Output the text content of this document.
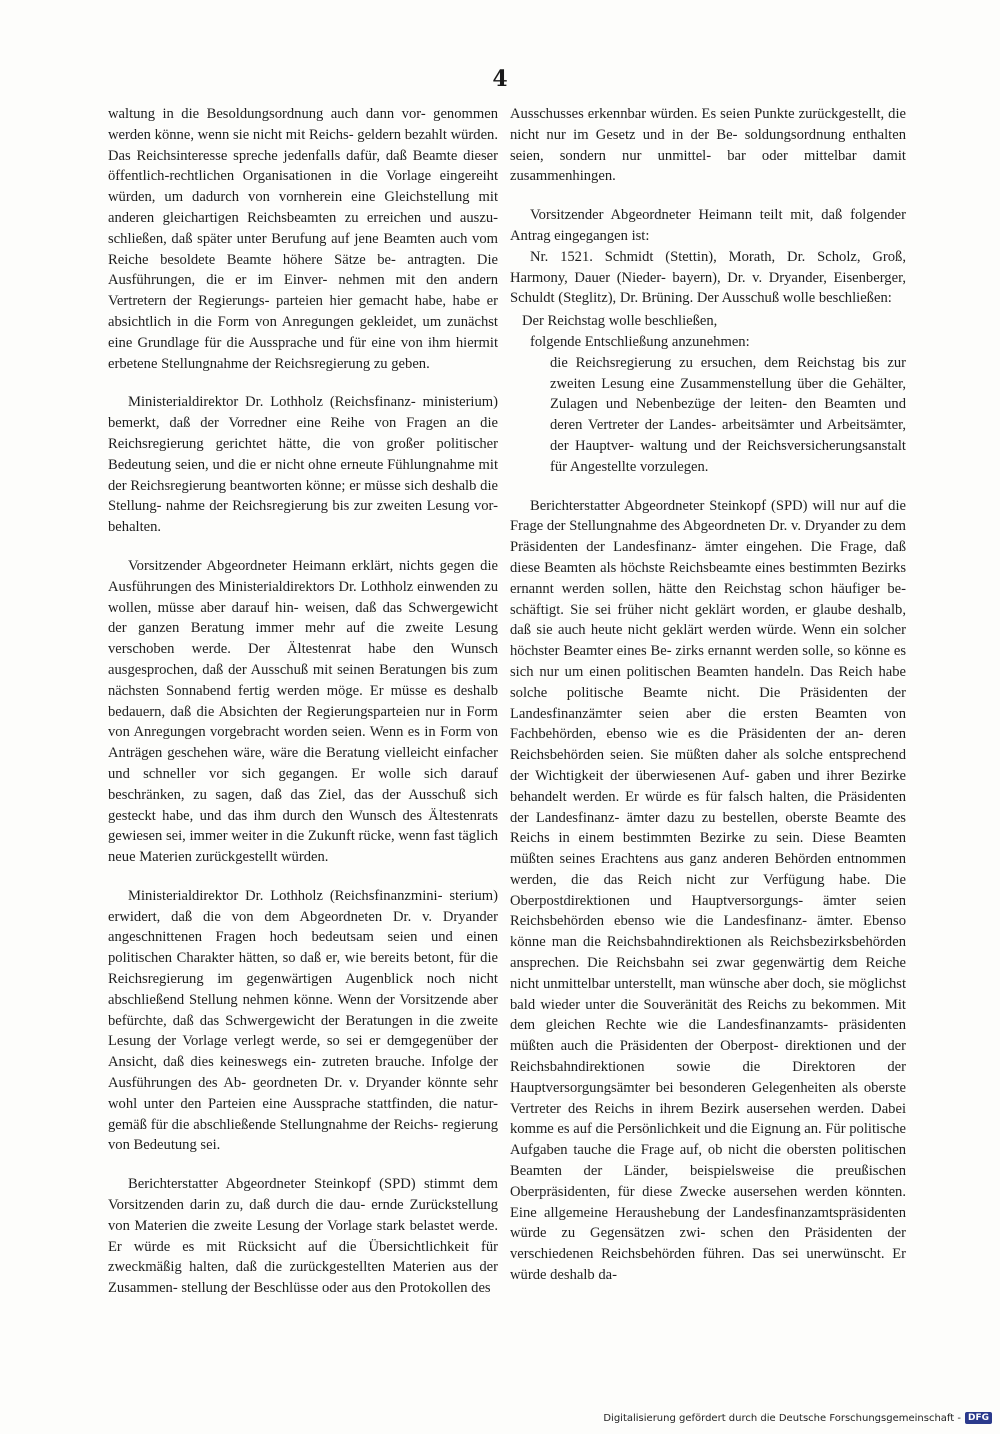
4

waltung in die Besoldungsordnung auch dann vor- genommen werden könne, wenn sie nicht mit Reichs- geldern bezahlt würden. Das Reichsinteresse spreche jedenfalls dafür, daß Beamte dieser öffentlich-rechtlichen Organisationen in die Vorlage eingereiht würden, um dadurch von vornherein eine Gleichstellung mit anderen gleichartigen Reichsbeamten zu erreichen und auszu- schließen, daß später unter Berufung auf jene Beamten auch vom Reiche besoldete Beamte höhere Sätze be- antragten. Die Ausführungen, die er im Einver- nehmen mit den andern Vertretern der Regierungs- parteien hier gemacht habe, habe er absichtlich in die Form von Anregungen gekleidet, um zunächst eine Grundlage für die Aussprache und für eine von ihm hiermit erbetene Stellungnahme der Reichsregierung zu geben.

Ministerialdirektor Dr. Lothholz (Reichsfinanz- ministerium) bemerkt, daß der Vorredner eine Reihe von Fragen an die Reichsregierung gerichtet hätte, die von großer politischer Bedeutung seien, und die er nicht ohne erneute Fühlungnahme mit der Reichsregierung beantworten könne; er müsse sich deshalb die Stellung- nahme der Reichsregierung bis zur zweiten Lesung vor- behalten.

Vorsitzender Abgeordneter Heimann erklärt, nichts gegen die Ausführungen des Ministerialdirektors Dr. Lothholz einwenden zu wollen, müsse aber darauf hin- weisen, daß das Schwergewicht der ganzen Beratung immer mehr auf die zweite Lesung verschoben werde. Der Ältestenrat habe den Wunsch ausgesprochen, daß der Ausschuß mit seinen Beratungen bis zum nächsten Sonnabend fertig werden möge. Er müsse es deshalb bedauern, daß die Absichten der Regierungsparteien nur in Form von Anregungen vorgebracht worden seien. Wenn es in Form von Anträgen geschehen wäre, wäre die Beratung vielleicht einfacher und schneller vor sich gegangen. Er wolle sich darauf beschränken, zu sagen, daß das Ziel, das der Ausschuß sich gesteckt habe, und das ihm durch den Wunsch des Ältestenrats gewiesen sei, immer weiter in die Zukunft rücke, wenn fast täglich neue Materien zurückgestellt würden.

Ministerialdirektor Dr. Lothholz (Reichsfinanzmini- sterium) erwidert, daß die von dem Abgeordneten Dr. v. Dryander angeschnittenen Fragen hoch bedeutsam seien und einen politischen Charakter hätten, so daß er, wie bereits betont, für die Reichsregierung im gegenwärtigen Augenblick noch nicht abschließend Stellung nehmen könne. Wenn der Vorsitzende aber befürchte, daß das Schwergewicht der Beratungen in die zweite Lesung der Vorlage verlegt werde, so sei er demgegenüber der Ansicht, daß dies keineswegs ein- zutreten brauche. Infolge der Ausführungen des Ab- geordneten Dr. v. Dryander könnte sehr wohl unter den Parteien eine Aussprache stattfinden, die natur- gemäß für die abschließende Stellungnahme der Reichs- regierung von Bedeutung sei.

Berichterstatter Abgeordneter Steinkopf (SPD) stimmt dem Vorsitzenden darin zu, daß durch die dau- ernde Zurückstellung von Materien die zweite Lesung der Vorlage stark belastet werde. Er würde es mit Rücksicht auf die Übersichtlichkeit für zweckmäßig halten, daß die zurückgestellten Materien aus der Zusammen- stellung der Beschlüsse oder aus den Protokollen des

Ausschusses erkennbar würden. Es seien Punkte zurückgestellt, die nicht nur im Gesetz und in der Be- soldungsordnung enthalten seien, sondern nur unmittel- bar oder mittelbar damit zusammenhingen.

Vorsitzender Abgeordneter Heimann teilt mit, daß folgender Antrag eingegangen ist:

Nr. 1521. Schmidt (Stettin), Morath, Dr. Scholz, Groß, Harmony, Dauer (Nieder- bayern), Dr. v. Dryander, Eisenberger, Schuldt (Steglitz), Dr. Brüning. Der Ausschuß wolle beschließen:

Der Reichstag wolle beschließen,

folgende Entschließung anzunehmen:

die Reichsregierung zu ersuchen, dem Reichstag bis zur zweiten Lesung eine Zusammenstellung über die Gehälter, Zulagen und Nebenbezüge der leiten- den Beamten und deren Vertreter der Landes- arbeitsämter und Arbeitsämter, der Hauptver- waltung und der Reichsversicherungsanstalt für Angestellte vorzulegen.

Berichterstatter Abgeordneter Steinkopf (SPD) will nur auf die Frage der Stellungnahme des Abgeordneten Dr. v. Dryander zu dem Präsidenten der Landesfinanz- ämter eingehen. Die Frage, daß diese Beamten als höchste Reichsbeamte eines bestimmten Bezirks ernannt werden sollen, hätte den Reichstag schon häufiger be- schäftigt. Sie sei früher nicht geklärt worden, er glaube deshalb, daß sie auch heute nicht geklärt werden würde. Wenn ein solcher höchster Beamter eines Be- zirks ernannt werden solle, so könne es sich nur um einen politischen Beamten handeln. Das Reich habe solche politische Beamte nicht. Die Präsidenten der Landesfinanzämter seien aber die ersten Beamten von Fachbehörden, ebenso wie es die Präsidenten der an- deren Reichsbehörden seien. Sie müßten daher als solche entsprechend der Wichtigkeit der überwiesenen Auf- gaben und ihrer Bezirke behandelt werden. Er würde es für falsch halten, die Präsidenten der Landesfinanz- ämter dazu zu bestellen, oberste Beamte des Reichs in einem bestimmten Bezirke zu sein. Diese Beamten müßten seines Erachtens aus ganz anderen Behörden entnommen werden, die das Reich nicht zur Verfügung habe. Die Oberpostdirektionen und Hauptversorgungs- ämter seien Reichsbehörden ebenso wie die Landesfinanz- ämter. Ebenso könne man die Reichsbahndirektionen als Reichsbezirksbehörden ansprechen. Die Reichsbahn sei zwar gegenwärtig dem Reiche nicht unmittelbar unterstellt, man wünsche aber doch, sie möglichst bald wieder unter die Souveränität des Reichs zu bekommen. Mit dem gleichen Rechte wie die Landesfinanzamts- präsidenten müßten auch die Präsidenten der Oberpost- direktionen und der Reichsbahndirektionen sowie die Direktoren der Hauptversorgungsämter bei besonderen Gelegenheiten als oberste Vertreter des Reichs in ihrem Bezirk ausersehen werden. Dabei komme es auf die Persönlichkeit und die Eignung an. Für politische Aufgaben tauche die Frage auf, ob nicht die obersten politischen Beamten der Länder, beispielsweise die preußischen Oberpräsidenten, für diese Zwecke ausersehen werden könnten. Eine allgemeine Heraushebung der Landesfinanzamtspräsidenten würde zu Gegensätzen zwi- schen den Präsidenten der verschiedenen Reichsbehörden führen. Das sei unerwünscht. Er würde deshalb da-

Digitalisierung gefördert durch die Deutsche Forschungsgemeinschaft - DFG
